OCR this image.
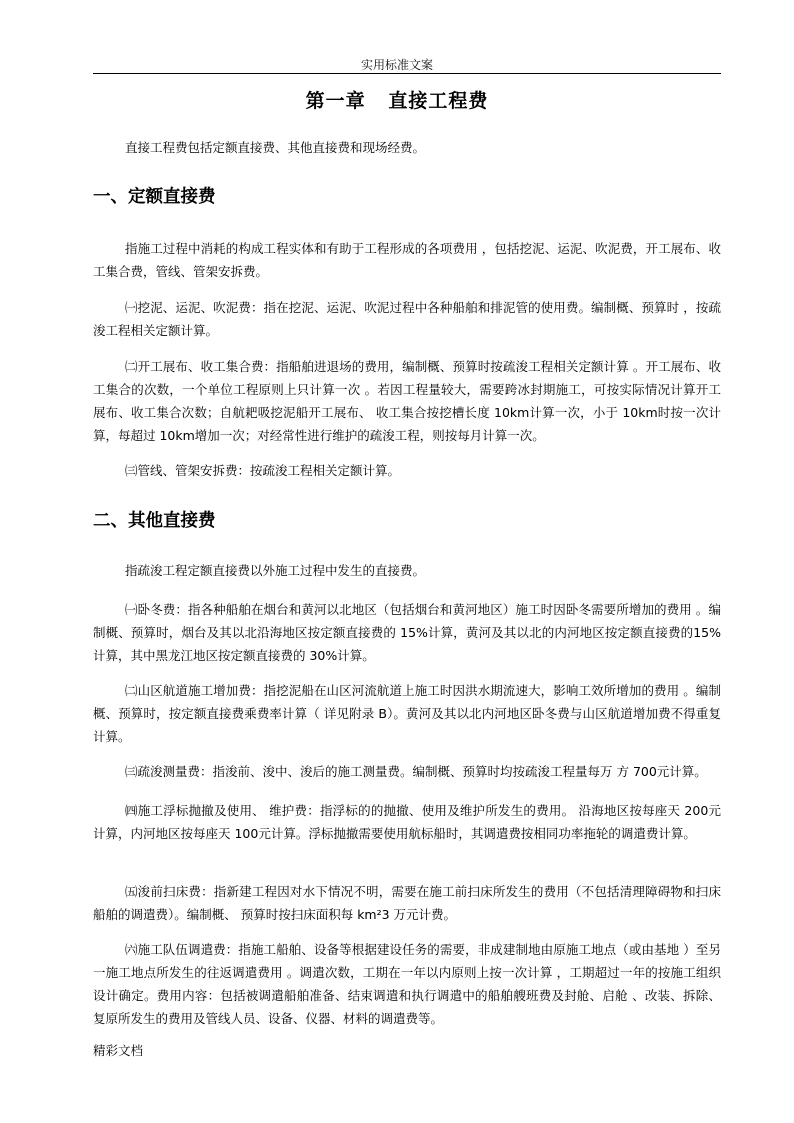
实用标准文案
第一章   直接工程费

直接工程费包括定额直接费、其他直接费和现场经费。

一、定额直接费

指施工过程中消耗的构成工程实体和有助于工程形成的各项费用 ，包括挖泥、运泥、吹泥费，开工展布、收工集合费，管线、管架安拆费。

㈠挖泥、运泥、吹泥费：指在挖泥、运泥、吹泥过程中各种船舶和排泥管的使用费。编制概、预算时 ，按疏浚工程相关定额计算。

㈡开工展布、收工集合费：指船舶进退场的费用，编制概、预算时按疏浚工程相关定额计算 。开工展布、收工集合的次数，一个单位工程原则上只计算一次 。若因工程量较大，需要跨冰封期施工，可按实际情况计算开工展布、收工集合次数；自航耙吸挖泥船开工展布、 收工集合按挖槽长度 10km计算一次，小于 10km时按一次计算，每超过 10km增加一次；对经常性进行维护的疏浚工程，则按每月计算一次。

㈢管线、管架安拆费：按疏浚工程相关定额计算。

二、其他直接费

指疏浚工程定额直接费以外施工过程中发生的直接费。

㈠卧冬费：指各种船舶在烟台和黄河以北地区（包括烟台和黄河地区）施工时因卧冬需要所增加的费用 。编制概、预算时，烟台及其以北沿海地区按定额直接费的 15%计算，黄河及其以北的内河地区按定额直接费的15%计算，其中黑龙江地区按定额直接费的 30%计算。

㈡山区航道施工增加费：指挖泥船在山区河流航道上施工时因洪水期流速大，影响工效所增加的费用 。编制概、预算时，按定额直接费乘费率计算（ 详见附录 B）。黄河及其以北内河地区卧冬费与山区航道增加费不得重复计算。

㈢疏浚测量费：指浚前、浚中、浚后的施工测量费。编制概、预算时均按疏浚工程量每万 方 700元计算。

㈣施工浮标抛撤及使用、 维护费：指浮标的的抛撤、使用及维护所发生的费用。 沿海地区按每座天 200元计算，内河地区按每座天 100元计算。浮标抛撤需要使用航标船时，其调遣费按相同功率拖轮的调遣费计算。

㈤浚前扫床费：指新建工程因对水下情况不明，需要在施工前扫床所发生的费用（不包括清理障碍物和扫床船舶的调遣费）。编制概、 预算时按扫床面积每 km²3 万元计费。

㈥施工队伍调遣费：指施工船舶、设备等根据建设任务的需要，非成建制地由原施工地点（或由基地 ）至另一施工地点所发生的往返调遣费用 。调遣次数，工期在一年以内原则上按一次计算 ，工期超过一年的按施工组织设计确定。费用内容：包括被调遣船舶准备、结束调遣和执行调遣中的船舶艘班费及封舱、启舱 、改装、拆除、复原所发生的费用及管线人员、设备、仪器、材料的调遣费等。

精彩文档
